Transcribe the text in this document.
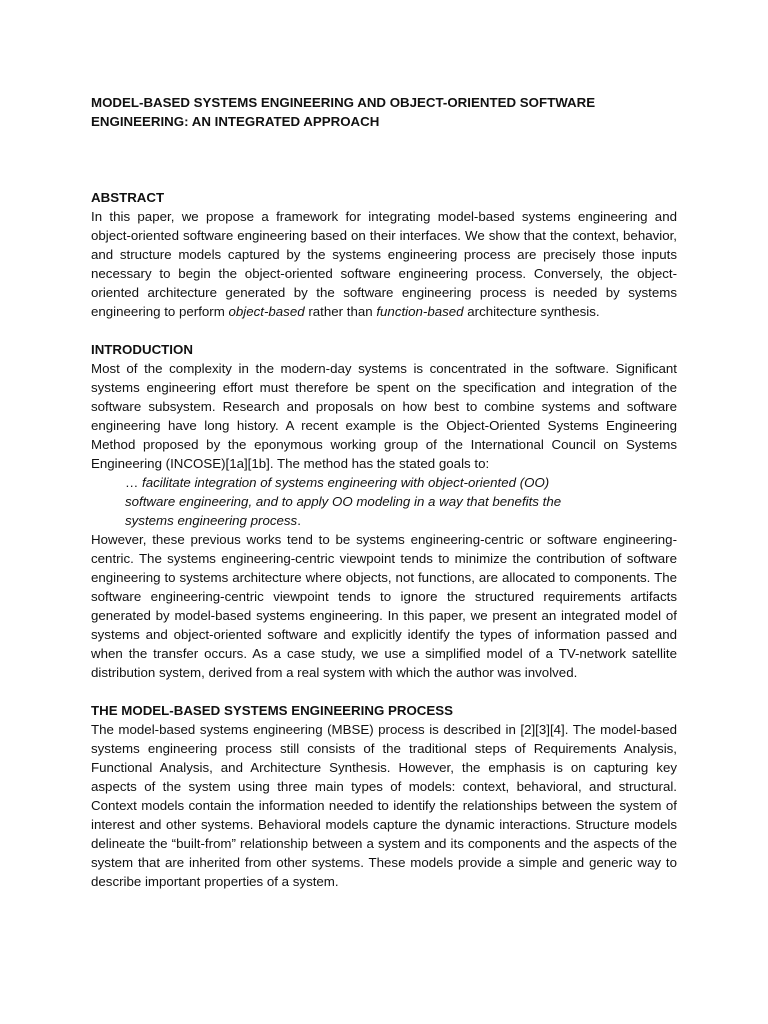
MODEL-BASED SYSTEMS ENGINEERING AND OBJECT-ORIENTED SOFTWARE ENGINEERING: AN INTEGRATED APPROACH

ABSTRACT

In this paper, we propose a framework for integrating model-based systems engineering and object-oriented software engineering based on their interfaces. We show that the context, behavior, and structure models captured by the systems engineering process are precisely those inputs necessary to begin the object-oriented software engineering process. Conversely, the object-oriented architecture generated by the software engineering process is needed by systems engineering to perform object-based rather than function-based architecture synthesis.

INTRODUCTION

Most of the complexity in the modern-day systems is concentrated in the software. Significant systems engineering effort must therefore be spent on the specification and integration of the software subsystem. Research and proposals on how best to combine systems and software engineering have long history. A recent example is the Object-Oriented Systems Engineering Method proposed by the eponymous working group of the International Council on Systems Engineering (INCOSE)[1a][1b]. The method has the stated goals to:

… facilitate integration of systems engineering with object-oriented (OO) software engineering, and to apply OO modeling in a way that benefits the systems engineering process.

However, these previous works tend to be systems engineering-centric or software engineering-centric. The systems engineering-centric viewpoint tends to minimize the contribution of software engineering to systems architecture where objects, not functions, are allocated to components. The software engineering-centric viewpoint tends to ignore the structured requirements artifacts generated by model-based systems engineering. In this paper, we present an integrated model of systems and object-oriented software and explicitly identify the types of information passed and when the transfer occurs. As a case study, we use a simplified model of a TV-network satellite distribution system, derived from a real system with which the author was involved.

THE MODEL-BASED SYSTEMS ENGINEERING PROCESS

The model-based systems engineering (MBSE) process is described in [2][3][4]. The model-based systems engineering process still consists of the traditional steps of Requirements Analysis, Functional Analysis, and Architecture Synthesis. However, the emphasis is on capturing key aspects of the system using three main types of models: context, behavioral, and structural. Context models contain the information needed to identify the relationships between the system of interest and other systems. Behavioral models capture the dynamic interactions. Structure models delineate the “built-from” relationship between a system and its components and the aspects of the system that are inherited from other systems. These models provide a simple and generic way to describe important properties of a system.
